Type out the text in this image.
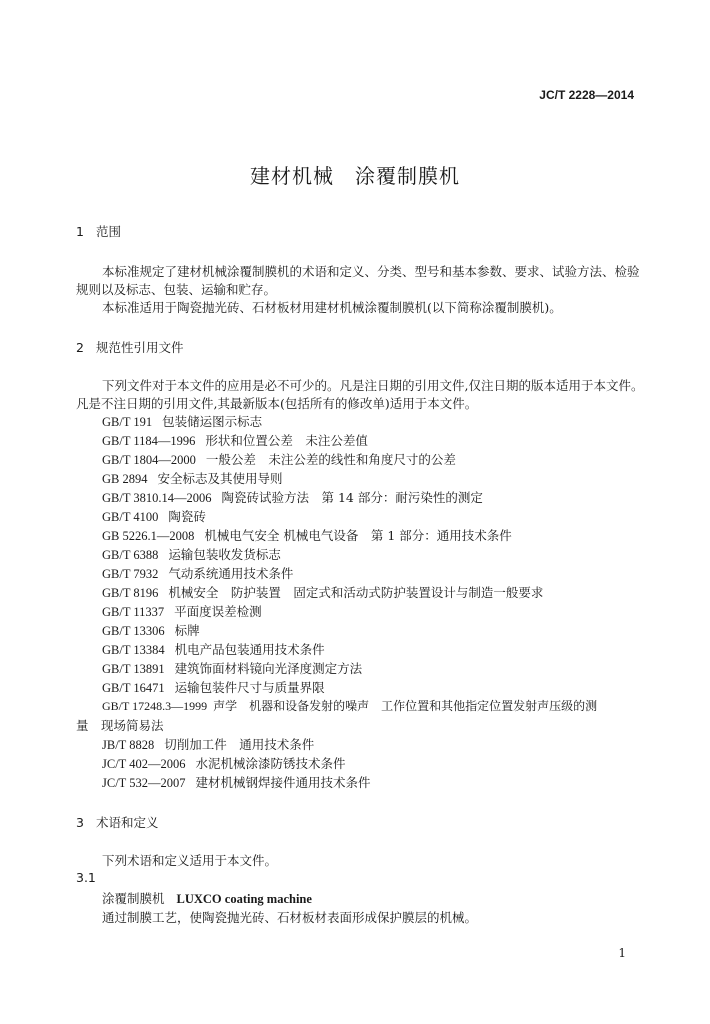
JC/T 2228—2014
建材机械　涂覆制膜机
1 范围
本标准规定了建材机械涂覆制膜机的术语和定义、分类、型号和基本参数、要求、试验方法、检验
规则以及标志、包装、运输和贮存。
本标准适用于陶瓷抛光砖、石材板材用建材机械涂覆制膜机(以下简称涂覆制膜机)。
2 规范性引用文件
下列文件对于本文件的应用是必不可少的。凡是注日期的引用文件,仅注日期的版本适用于本文件。
凡是不注日期的引用文件,其最新版本(包括所有的修改单)适用于本文件。
GB/T 191 包装储运图示标志
GB/T 1184—1996 形状和位置公差　未注公差值
GB/T 1804—2000 一般公差　未注公差的线性和角度尺寸的公差
GB 2894 安全标志及其使用导则
GB/T 3810.14—2006 陶瓷砖试验方法　第 14 部分：耐污染性的测定
GB/T 4100 陶瓷砖
GB 5226.1—2008 机械电气安全 机械电气设备　第 1 部分：通用技术条件
GB/T 6388 运输包装收发货标志
GB/T 7932 气动系统通用技术条件
GB/T 8196 机械安全　防护装置　固定式和活动式防护装置设计与制造一般要求
GB/T 11337 平面度误差检测
GB/T 13306 标牌
GB/T 13384 机电产品包装通用技术条件
GB/T 13891 建筑饰面材料镜向光泽度测定方法
GB/T 16471 运输包装件尺寸与质量界限
GB/T 17248.3—1999 声学　机器和设备发射的噪声　工作位置和其他指定位置发射声压级的测
量　现场简易法
JB/T 8828 切削加工件　通用技术条件
JC/T 402—2006 水泥机械涂漆防锈技术条件
JC/T 532—2007 建材机械钢焊接件通用技术条件
3 术语和定义
下列术语和定义适用于本文件。
3.1
涂覆制膜机 LUXCO coating machine
通过制膜工艺，使陶瓷抛光砖、石材板材表面形成保护膜层的机械。
1
